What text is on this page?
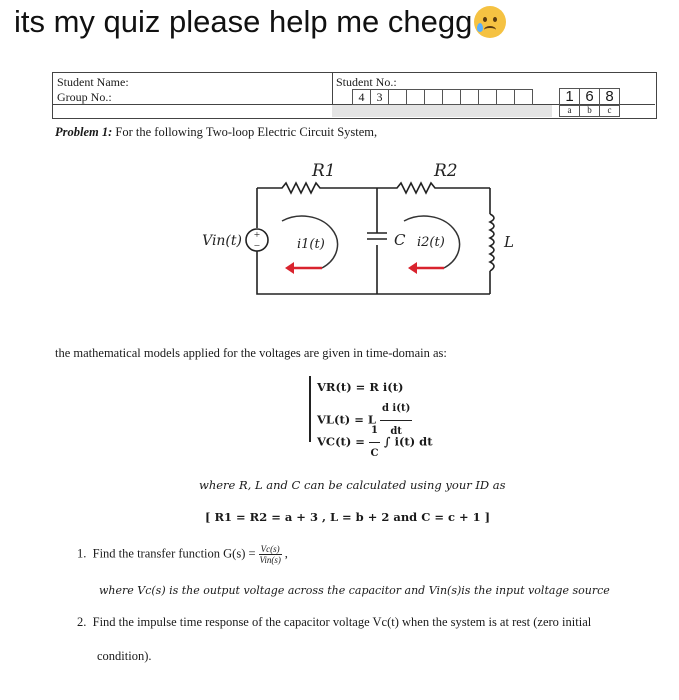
its my quiz please help me chegg
Student Name:
Group No.:
Student No.:
4	3	1 6 8
a	b	c
Problem 1: For the following Two-loop Electric Circuit System,
+
−
R1	R2
Vin(t)	i1(t)	C i2(t)	L
the mathematical models applied for the voltages are given in time-domain as:
VR(t) = R i(t)
VL(t) = L $\frac{\text{d i(t)}}{dt}$
$VC(t) = \frac{1}{C}$ ∫ i(t) dt
where R, L and C can be calculated using your ID as
[ R1 = R2 = a + 3 , L = b + 2 and C = c + 1 ]
1. Find the transfer function $G(s) = \frac{Vc(s)}{\text{Vin(s)}}$ ,
where Vc(s) is the output voltage across the capacitor and Vin(s)is the input voltage source
2. Find the impulse time response of the capacitor voltage Vc(t) when the system is at rest (zero initial
condition).
